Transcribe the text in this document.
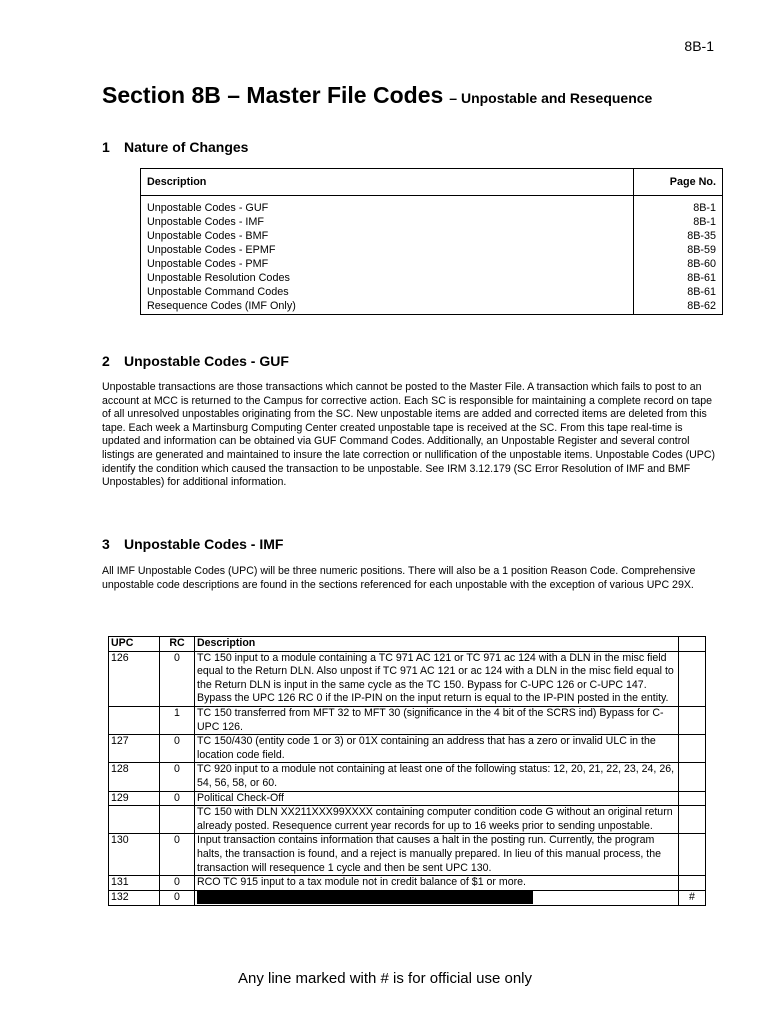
8B-1
Section 8B – Master File Codes – Unpostable and Resequence
1 Nature of Changes
Description	Page No.
Unpostable Codes - GUF	8B-1
Unpostable Codes - IMF	8B-1
Unpostable Codes - BMF	8B-35
Unpostable Codes - EPMF	8B-59
Unpostable Codes - PMF	8B-60
Unpostable Resolution Codes	8B-61
Unpostable Command Codes	8B-61
Resequence Codes (IMF Only)	8B-62
2 Unpostable Codes - GUF

Unpostable transactions are those transactions which cannot be posted to the Master File. A transaction which fails to post to an account at MCC is returned to the Campus for corrective action. Each SC is responsible for maintaining a complete record on tape of all unresolved unpostables originating from the SC. New unpostable items are added and corrected items are deleted from this tape. Each week a Martinsburg Computing Center created unpostable tape is received at the SC. From this tape real-time is updated and information can be obtained via GUF Command Codes. Additionally, an Unpostable Register and several control listings are generated and maintained to insure the late correction or nullification of the unpostable items. Unpostable Codes (UPC) identify the condition which caused the transaction to be unpostable. See IRM 3.12.179 (SC Error Resolution of IMF and BMF Unpostables) for additional information.

3 Unpostable Codes - IMF

All IMF Unpostable Codes (UPC) will be three numeric positions. There will also be a 1 position Reason Code. Comprehensive unpostable code descriptions are found in the sections referenced for each unpostable with the exception of various UPC 29X.

UPC	RC	Description	
126	0	TC 150 input to a module containing a TC 971 AC 121 or TC 971 ac 124 with a DLN in the misc field equal to the Return DLN. Also unpost if TC 971 AC 121 or ac 124 with a DLN in the misc field equal to the Return DLN is input in the same cycle as the TC 150. Bypass for C-UPC 126 or C-UPC 147. Bypass the UPC 126 RC 0 if the IP-PIN on the input return is equal to the IP-PIN posted in the entity.	
	1	TC 150 transferred from MFT 32 to MFT 30 (significance in the 4 bit of the SCRS ind) Bypass for C-UPC 126.	
127	0	TC 150/430 (entity code 1 or 3) or 01X containing an address that has a zero or invalid ULC in the location code field.	
128	0	TC 920 input to a module not containing at least one of the following status: 12, 20, 21, 22, 23, 24, 26, 54, 56, 58, or 60.	
129	0	Political Check-Off	
		TC 150 with DLN XX211XXX99XXXX containing computer condition code G without an original return already posted. Resequence current year records for up to 16 weeks prior to sending unpostable.	
130	0	Input transaction contains information that causes a halt in the posting run. Currently, the program halts, the transaction is found, and a reject is manually prepared. In lieu of this manual process, the transaction will resequence 1 cycle and then be sent UPC 130.	
131	0	RCO TC 915 input to a tax module not in credit balance of $1 or more.	
132	0		#
Any line marked with # is for official use only
